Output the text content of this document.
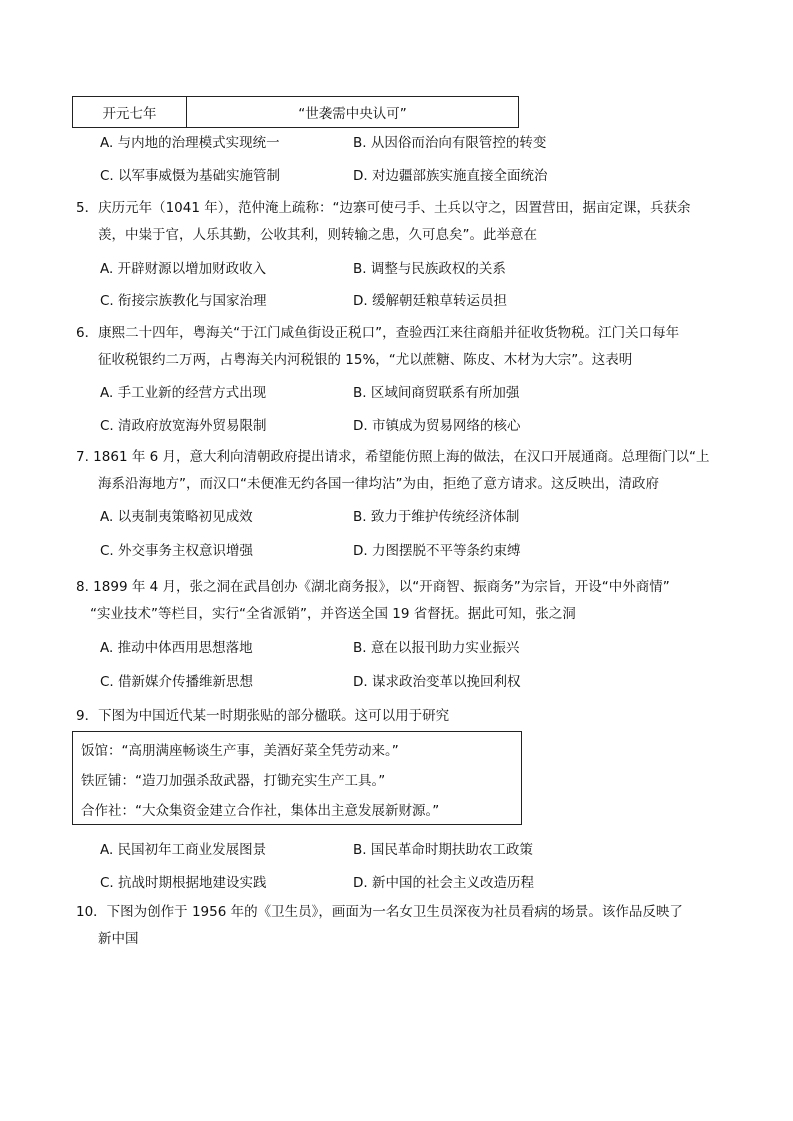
开元七年	“世袭需中央认可”
A. 与内地的治理模式实现统一	B. 从因俗而治向有限管控的转变
C. 以军事威慑为基础实施管制	D. 对边疆部族实施直接全面统治
5．庆历元年（1041 年），范仲淹上疏称：“边寨可使弓手、土兵以守之，因置营田，据亩定课，兵获余
羡，中粜于官，人乐其勤，公收其利，则转输之患，久可息矣”。此举意在
A. 开辟财源以增加财政收入	B. 调整与民族政权的关系
C. 衔接宗族教化与国家治理	D. 缓解朝廷粮草转运员担
6．康熙二十四年，粤海关“于江门咸鱼街设正税口”，查验西江来往商船并征收货物税。江门关口每年
征收税银约二万两，占粤海关内河税银的 15%，“尤以蔗糖、陈皮、木材为大宗”。这表明
A. 手工业新的经营方式出现	B. 区域间商贸联系有所加强
C. 清政府放宽海外贸易限制	D. 市镇成为贸易网络的核心
7. 1861 年 6 月，意大利向清朝政府提出请求，希望能仿照上海的做法，在汉口开展通商。总理衙门以“上
海系沿海地方”，而汉口“未便准无约各国一律均沾”为由，拒绝了意方请求。这反映出，清政府
A. 以夷制夷策略初见成效	B. 致力于维护传统经济体制
C. 外交事务主权意识增强	D. 力图摆脱不平等条约束缚
8. 1899 年 4 月，张之洞在武昌创办《湖北商务报》，以“开商智、振商务”为宗旨，开设“中外商情”
“实业技术”等栏目，实行“全省派销”，并咨送全国 19 省督抚。据此可知，张之洞
A. 推动中体西用思想落地	B. 意在以报刊助力实业振兴
C. 借新媒介传播维新思想	D. 谋求政治变革以挽回利权
9．下图为中国近代某一时期张贴的部分楹联。这可以用于研究
饭馆：“高朋满座畅谈生产事，美酒好菜全凭劳动来。”
铁匠铺：“造刀加强杀敌武器，打锄充实生产工具。”
合作社：“大众集资金建立合作社，集体出主意发展新财源。”
A. 民国初年工商业发展图景	B. 国民革命时期扶助农工政策
C. 抗战时期根据地建设实践	D. 新中国的社会主义改造历程
10．下图为创作于 1956 年的《卫生员》，画面为一名女卫生员深夜为社员看病的场景。该作品反映了
新中国
